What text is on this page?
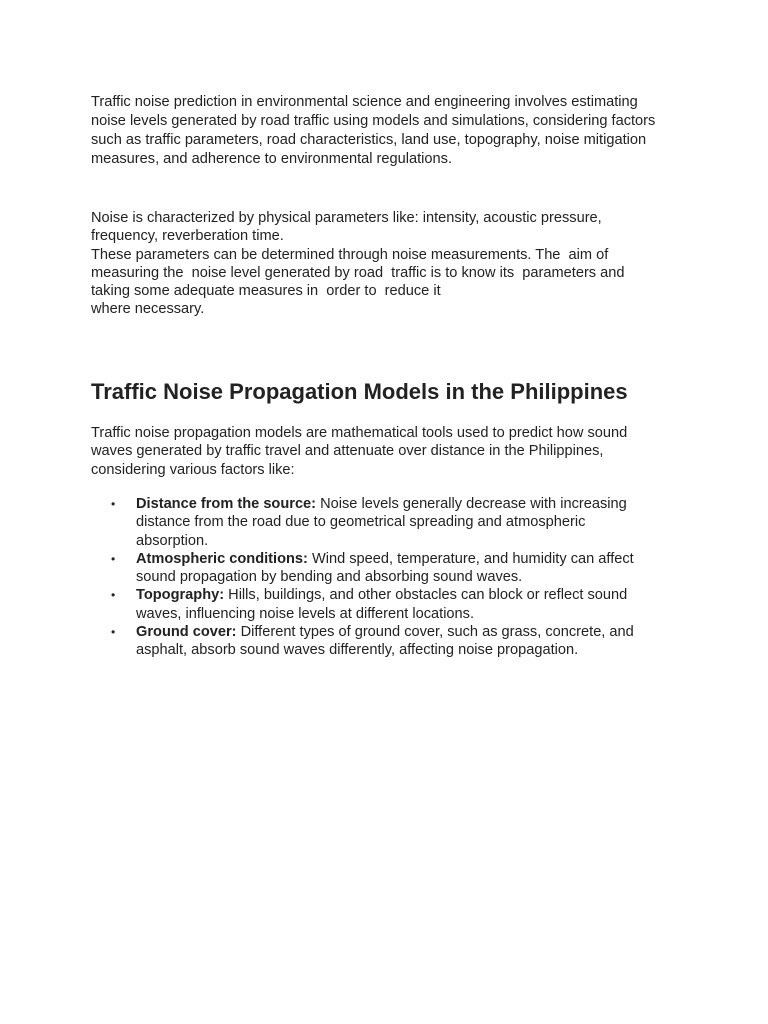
Traffic noise prediction in environmental science and engineering involves estimating
noise levels generated by road traffic using models and simulations, considering factors
such as traffic parameters, road characteristics, land use, topography, noise mitigation
measures, and adherence to environmental regulations.
Noise is characterized by physical parameters like: intensity, acoustic pressure,
frequency, reverberation time.
These parameters can be determined through noise measurements. The  aim of
measuring the  noise level generated by road  traffic is to know its  parameters and
taking some adequate measures in  order to  reduce it
where necessary.
Traffic Noise Propagation Models in the Philippines
Traffic noise propagation models are mathematical tools used to predict how sound
waves generated by traffic travel and attenuate over distance in the Philippines,
considering various factors like:
• Distance from the source: Noise levels generally decrease with increasing
distance from the road due to geometrical spreading and atmospheric
absorption.
• Atmospheric conditions: Wind speed, temperature, and humidity can affect
sound propagation by bending and absorbing sound waves.
• Topography: Hills, buildings, and other obstacles can block or reflect sound
waves, influencing noise levels at different locations.
• Ground cover: Different types of ground cover, such as grass, concrete, and
asphalt, absorb sound waves differently, affecting noise propagation.
